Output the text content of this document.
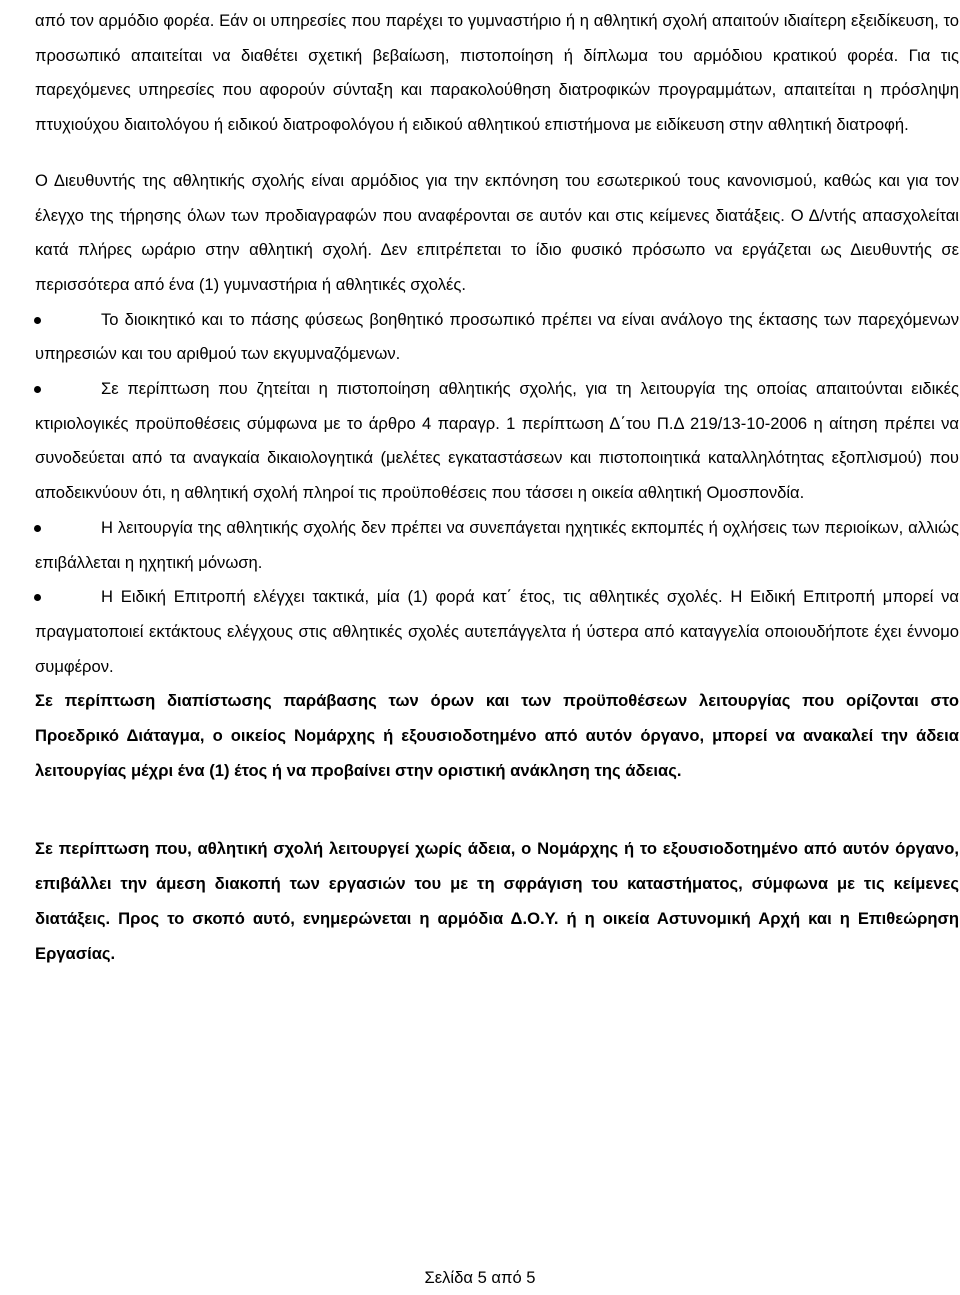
από τον αρμόδιο φορέα. Εάν οι υπηρεσίες που παρέχει το γυμναστήριο ή η αθλητική σχολή απαιτούν ιδιαίτερη εξειδίκευση, το προσωπικό απαιτείται να διαθέτει σχετική βεβαίωση, πιστοποίηση ή δίπλωμα του αρμόδιου κρατικού φορέα. Για τις παρεχόμενες υπηρεσίες που αφορούν σύνταξη και παρακολούθηση διατροφικών προγραμμάτων, απαιτείται η πρόσληψη πτυχιούχου διαιτολόγου ή ειδικού διατροφολόγου ή ειδικού αθλητικού επιστήμονα με ειδίκευση στην αθλητική διατροφή.

Ο Διευθυντής της αθλητικής σχολής είναι αρμόδιος για την εκπόνηση του εσωτερικού τους κανονισμού, καθώς και για τον έλεγχο της τήρησης όλων των προδιαγραφών που αναφέρονται σε αυτόν και στις κείμενες διατάξεις. Ο Δ/ντής απασχολείται κατά πλήρες ωράριο στην αθλητική σχολή. Δεν επιτρέπεται το ίδιο φυσικό πρόσωπο να εργάζεται ως Διευθυντής σε περισσότερα από ένα (1) γυμναστήρια ή αθλητικές σχολές.

Το διοικητικό και το πάσης φύσεως βοηθητικό προσωπικό πρέπει να είναι ανάλογο της έκτασης των παρεχόμενων υπηρεσιών και του αριθμού των εκγυμναζόμενων.
Σε περίπτωση που ζητείται η πιστοποίηση αθλητικής σχολής, για τη λειτουργία της οποίας απαιτούνται ειδικές κτιριολογικές προϋποθέσεις σύμφωνα με το άρθρο 4 παραγρ. 1 περίπτωση Δ΄του Π.Δ 219/13-10-2006 η αίτηση πρέπει να συνοδεύεται από τα αναγκαία δικαιολογητικά (μελέτες εγκαταστάσεων και πιστοποιητικά καταλληλότητας εξοπλισμού) που αποδεικνύουν ότι, η αθλητική σχολή πληροί τις προϋποθέσεις που τάσσει η οικεία αθλητική Ομοσπονδία.
Η λειτουργία της αθλητικής σχολής δεν πρέπει να συνεπάγεται ηχητικές εκπομπές ή οχλήσεις των περιοίκων, αλλιώς επιβάλλεται η ηχητική μόνωση.
Η Ειδική Επιτροπή ελέγχει τακτικά, μία (1) φορά κατ΄ έτος, τις αθλητικές σχολές. Η Ειδική Επιτροπή μπορεί να πραγματοποιεί εκτάκτους ελέγχους στις αθλητικές σχολές αυτεπάγγελτα ή ύστερα από καταγγελία οποιουδήποτε έχει έννομο συμφέρον.

Σε περίπτωση διαπίστωσης παράβασης των όρων και των προϋποθέσεων λειτουργίας που ορίζονται στο Προεδρικό Διάταγμα, ο οικείος Νομάρχης ή εξουσιοδοτημένο από αυτόν όργανο, μπορεί να ανακαλεί την άδεια λειτουργίας μέχρι ένα (1) έτος ή να προβαίνει στην οριστική ανάκληση της άδειας.

Σε περίπτωση που, αθλητική σχολή λειτουργεί χωρίς άδεια, ο Νομάρχης ή το εξουσιοδοτημένο από αυτόν όργανο, επιβάλλει την άμεση διακοπή των εργασιών του με τη σφράγιση του καταστήματος, σύμφωνα με τις κείμενες διατάξεις. Προς το σκοπό αυτό, ενημερώνεται η αρμόδια Δ.Ο.Υ. ή η οικεία Αστυνομική Αρχή και η Επιθεώρηση Εργασίας.

Σελίδα 5 από 5
